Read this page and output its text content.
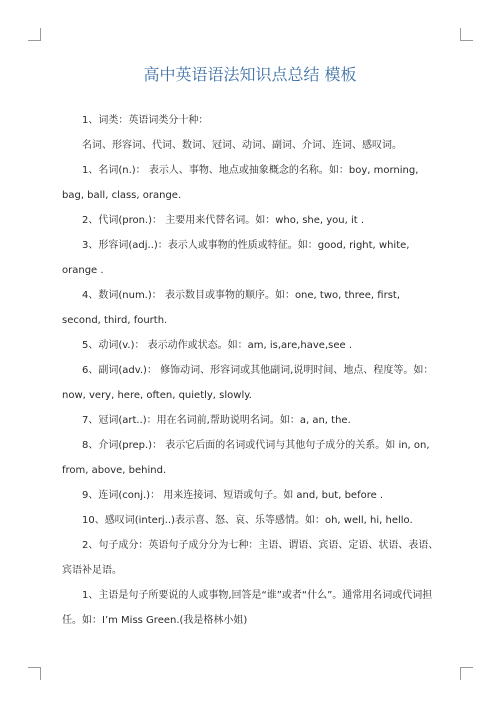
高中英语语法知识点总结 模板

1、词类：英语词类分十种：

名词、形容词、代词、数词、冠词、动词、副词、介词、连词、感叹词。

1、名词(n.)： 表示人、事物、地点或抽象概念的名称。如：boy, morning, bag, ball, class, orange.

2、代词(pron.)： 主要用来代替名词。如：who, she, you, it .

3、形容词(adj..)：表示人或事物的性质或特征。如：good, right, white, orange .

4、数词(num.)： 表示数目或事物的顺序。如：one, two, three, first, second, third, fourth.

5、动词(v.)： 表示动作或状态。如：am, is,are,have,see .

6、副词(adv.)： 修饰动词、形容词或其他副词,说明时间、地点、程度等。如：now, very, here, often, quietly, slowly.

7、冠词(art..)：用在名词前,帮助说明名词。如：a, an, the.

8、介词(prep.)： 表示它后面的名词或代词与其他句子成分的关系。如 in, on, from, above, behind.

9、连词(conj.)： 用来连接词、短语或句子。如 and, but, before .

10、感叹词(interj..)表示喜、怒、哀、乐等感情。如：oh, well, hi, hello.

2、句子成分：英语句子成分分为七种：主语、谓语、宾语、定语、状语、表语、宾语补足语。

1、主语是句子所要说的人或事物,回答是“谁”或者“什么”。通常用名词或代词担任。如：I’m Miss Green.(我是格林小姐)
